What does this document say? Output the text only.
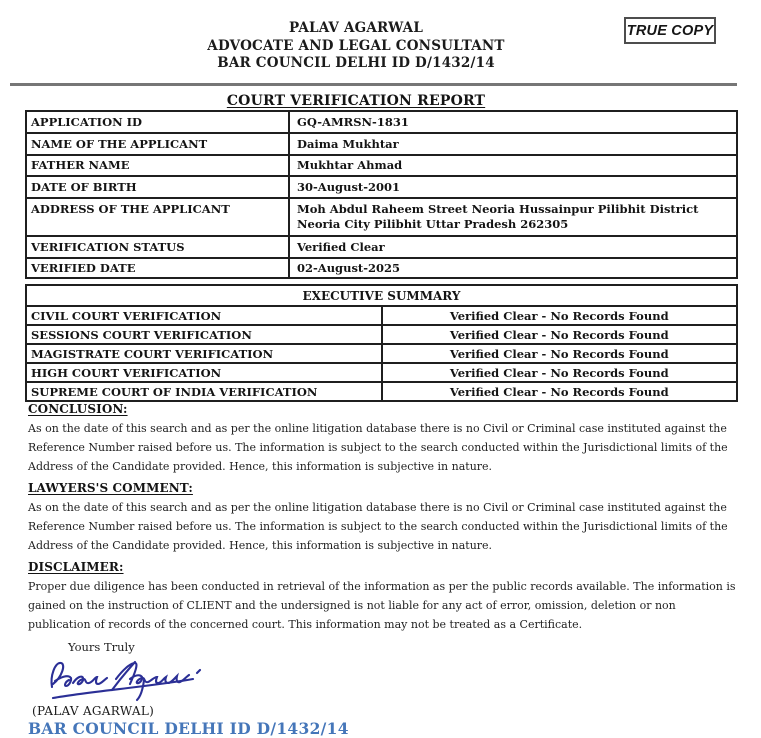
PALAV AGARWAL
ADVOCATE AND LEGAL CONSULTANT
BAR COUNCIL DELHI ID D/1432/14
TRUE COPY
COURT VERIFICATION REPORT
APPLICATION ID	GQ-AMRSN-1831
NAME OF THE APPLICANT	Daima Mukhtar
FATHER NAME	Mukhtar Ahmad
DATE OF BIRTH	30-August-2001
ADDRESS OF THE APPLICANT	Moh Abdul Raheem Street Neoria Hussainpur Pilibhit District Neoria City Pilibhit Uttar Pradesh 262305
VERIFICATION STATUS	Verified Clear
VERIFIED DATE	02-August-2025
EXECUTIVE SUMMARY	
CIVIL COURT VERIFICATION	Verified Clear - No Records Found
SESSIONS COURT VERIFICATION	Verified Clear - No Records Found
MAGISTRATE COURT VERIFICATION	Verified Clear - No Records Found
HIGH COURT VERIFICATION	Verified Clear - No Records Found
SUPREME COURT OF INDIA VERIFICATION	Verified Clear - No Records Found
CONCLUSION:
As on the date of this search and as per the online litigation database there is no Civil or Criminal case instituted against the Reference Number raised before us. The information is subject to the search conducted within the Jurisdictional limits of the Address of the Candidate provided. Hence, this information is subjective in nature.
LAWYERS'S COMMENT:
As on the date of this search and as per the online litigation database there is no Civil or Criminal case instituted against the Reference Number raised before us. The information is subject to the search conducted within the Jurisdictional limits of the Address of the Candidate provided. Hence, this information is subjective in nature.
DISCLAIMER:
Proper due diligence has been conducted in retrieval of the information as per the public records available. The information is gained on the instruction of CLIENT and the undersigned is not liable for any act of error, omission, deletion or non publication of records of the concerned court. This information may not be treated as a Certificate.
Yours Truly
(PALAV AGARWAL)
BAR COUNCIL DELHI ID D/1432/14
